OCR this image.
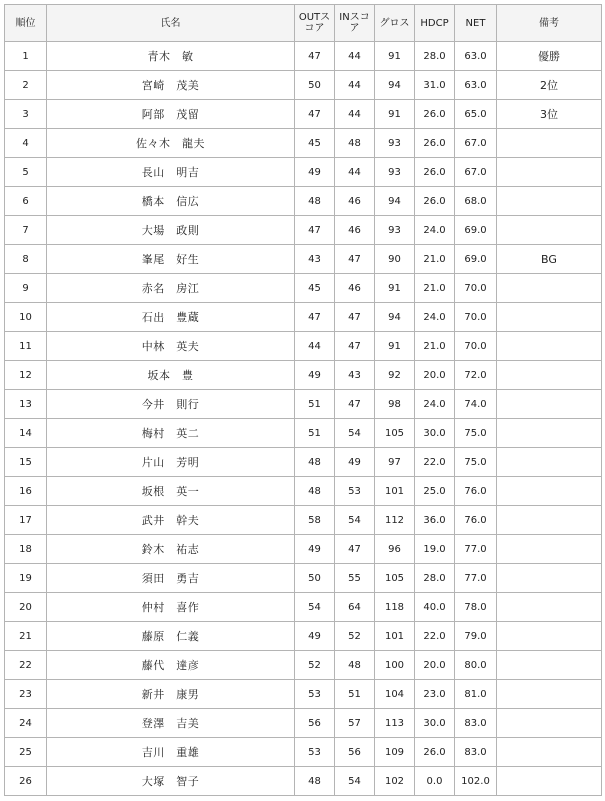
順位	氏名	OUTスコア	INスコア	グロス	HDCP	NET	備考
1	青木　敏	47	44	91	28.0	63.0	優勝
2	宮崎　茂美	50	44	94	31.0	63.0	2位
3	阿部　茂留	47	44	91	26.0	65.0	3位
4	佐々木　龍夫	45	48	93	26.0	67.0	
5	長山　明吉	49	44	93	26.0	67.0	
6	橋本　信広	48	46	94	26.0	68.0	
7	大場　政則	47	46	93	24.0	69.0	
8	峯尾　好生	43	47	90	21.0	69.0	BG
9	赤名　房江	45	46	91	21.0	70.0	
10	石出　豊蔵	47	47	94	24.0	70.0	
11	中林　英夫	44	47	91	21.0	70.0	
12	坂本　豊	49	43	92	20.0	72.0	
13	今井　則行	51	47	98	24.0	74.0	
14	梅村　英二	51	54	105	30.0	75.0	
15	片山　芳明	48	49	97	22.0	75.0	
16	坂根　英一	48	53	101	25.0	76.0	
17	武井　幹夫	58	54	112	36.0	76.0	
18	鈴木　祐志	49	47	96	19.0	77.0	
19	須田　勇吉	50	55	105	28.0	77.0	
20	仲村　喜作	54	64	118	40.0	78.0	
21	藤原　仁義	49	52	101	22.0	79.0	
22	藤代　達彦	52	48	100	20.0	80.0	
23	新井　康男	53	51	104	23.0	81.0	
24	登澤　吉美	56	57	113	30.0	83.0	
25	吉川　重雄	53	56	109	26.0	83.0	
26	大塚　智子	48	54	102	0.0	102.0	
